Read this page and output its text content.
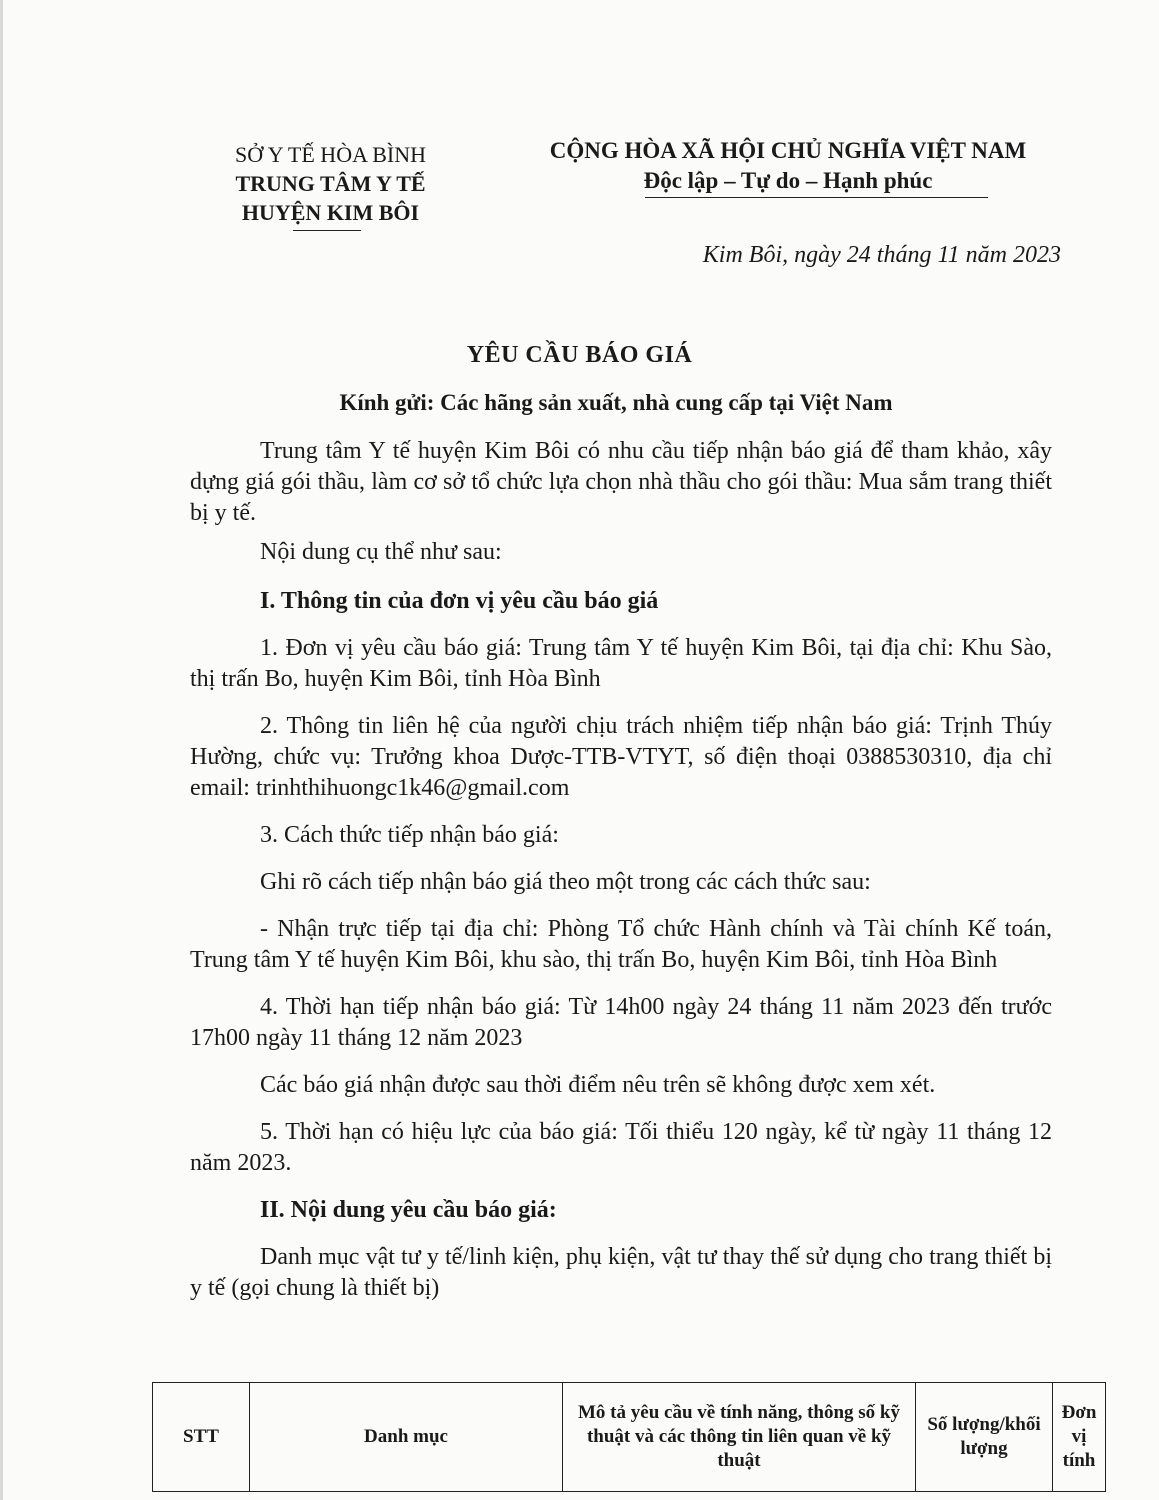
SỞ Y TẾ HÒA BÌNH
TRUNG TÂM Y TẾ
HUYỆN KIM BÔI
CỘNG HÒA XÃ HỘI CHỦ NGHĨA VIỆT NAM
Độc lập – Tự do – Hạnh phúc
Kim Bôi, ngày 24 tháng 11 năm 2023
YÊU CẦU BÁO GIÁ
Kính gửi: Các hãng sản xuất, nhà cung cấp tại Việt Nam

Trung tâm Y tế huyện Kim Bôi có nhu cầu tiếp nhận báo giá để tham khảo, xây dựng giá gói thầu, làm cơ sở tổ chức lựa chọn nhà thầu cho gói thầu: Mua sắm trang thiết bị y tế.

Nội dung cụ thể như sau:

I. Thông tin của đơn vị yêu cầu báo giá

1. Đơn vị yêu cầu báo giá: Trung tâm Y tế huyện Kim Bôi, tại địa chỉ: Khu Sào, thị trấn Bo, huyện Kim Bôi, tỉnh Hòa Bình

2. Thông tin liên hệ của người chịu trách nhiệm tiếp nhận báo giá: Trịnh Thúy Hường, chức vụ: Trưởng khoa Dược-TTB-VTYT, số điện thoại 0388530310, địa chỉ email: trinhthihuongc1k46@gmail.com

3. Cách thức tiếp nhận báo giá:

Ghi rõ cách tiếp nhận báo giá theo một trong các cách thức sau:

- Nhận trực tiếp tại địa chỉ: Phòng Tổ chức Hành chính và Tài chính Kế toán, Trung tâm Y tế huyện Kim Bôi, khu sào, thị trấn Bo, huyện Kim Bôi, tỉnh Hòa Bình

4. Thời hạn tiếp nhận báo giá: Từ 14h00 ngày 24 tháng 11 năm 2023 đến trước 17h00 ngày 11 tháng 12 năm 2023

Các báo giá nhận được sau thời điểm nêu trên sẽ không được xem xét.

5. Thời hạn có hiệu lực của báo giá: Tối thiểu 120 ngày, kể từ ngày 11 tháng 12 năm 2023.

II. Nội dung yêu cầu báo giá:

Danh mục vật tư y tế/linh kiện, phụ kiện, vật tư thay thế sử dụng cho trang thiết bị y tế (gọi chung là thiết bị)

STT	Danh mục	Mô tả yêu cầu về tính năng, thông số kỹ thuật và các thông tin liên quan về kỹ thuật	Số lượng/khối lượng	Đơn vị tính
